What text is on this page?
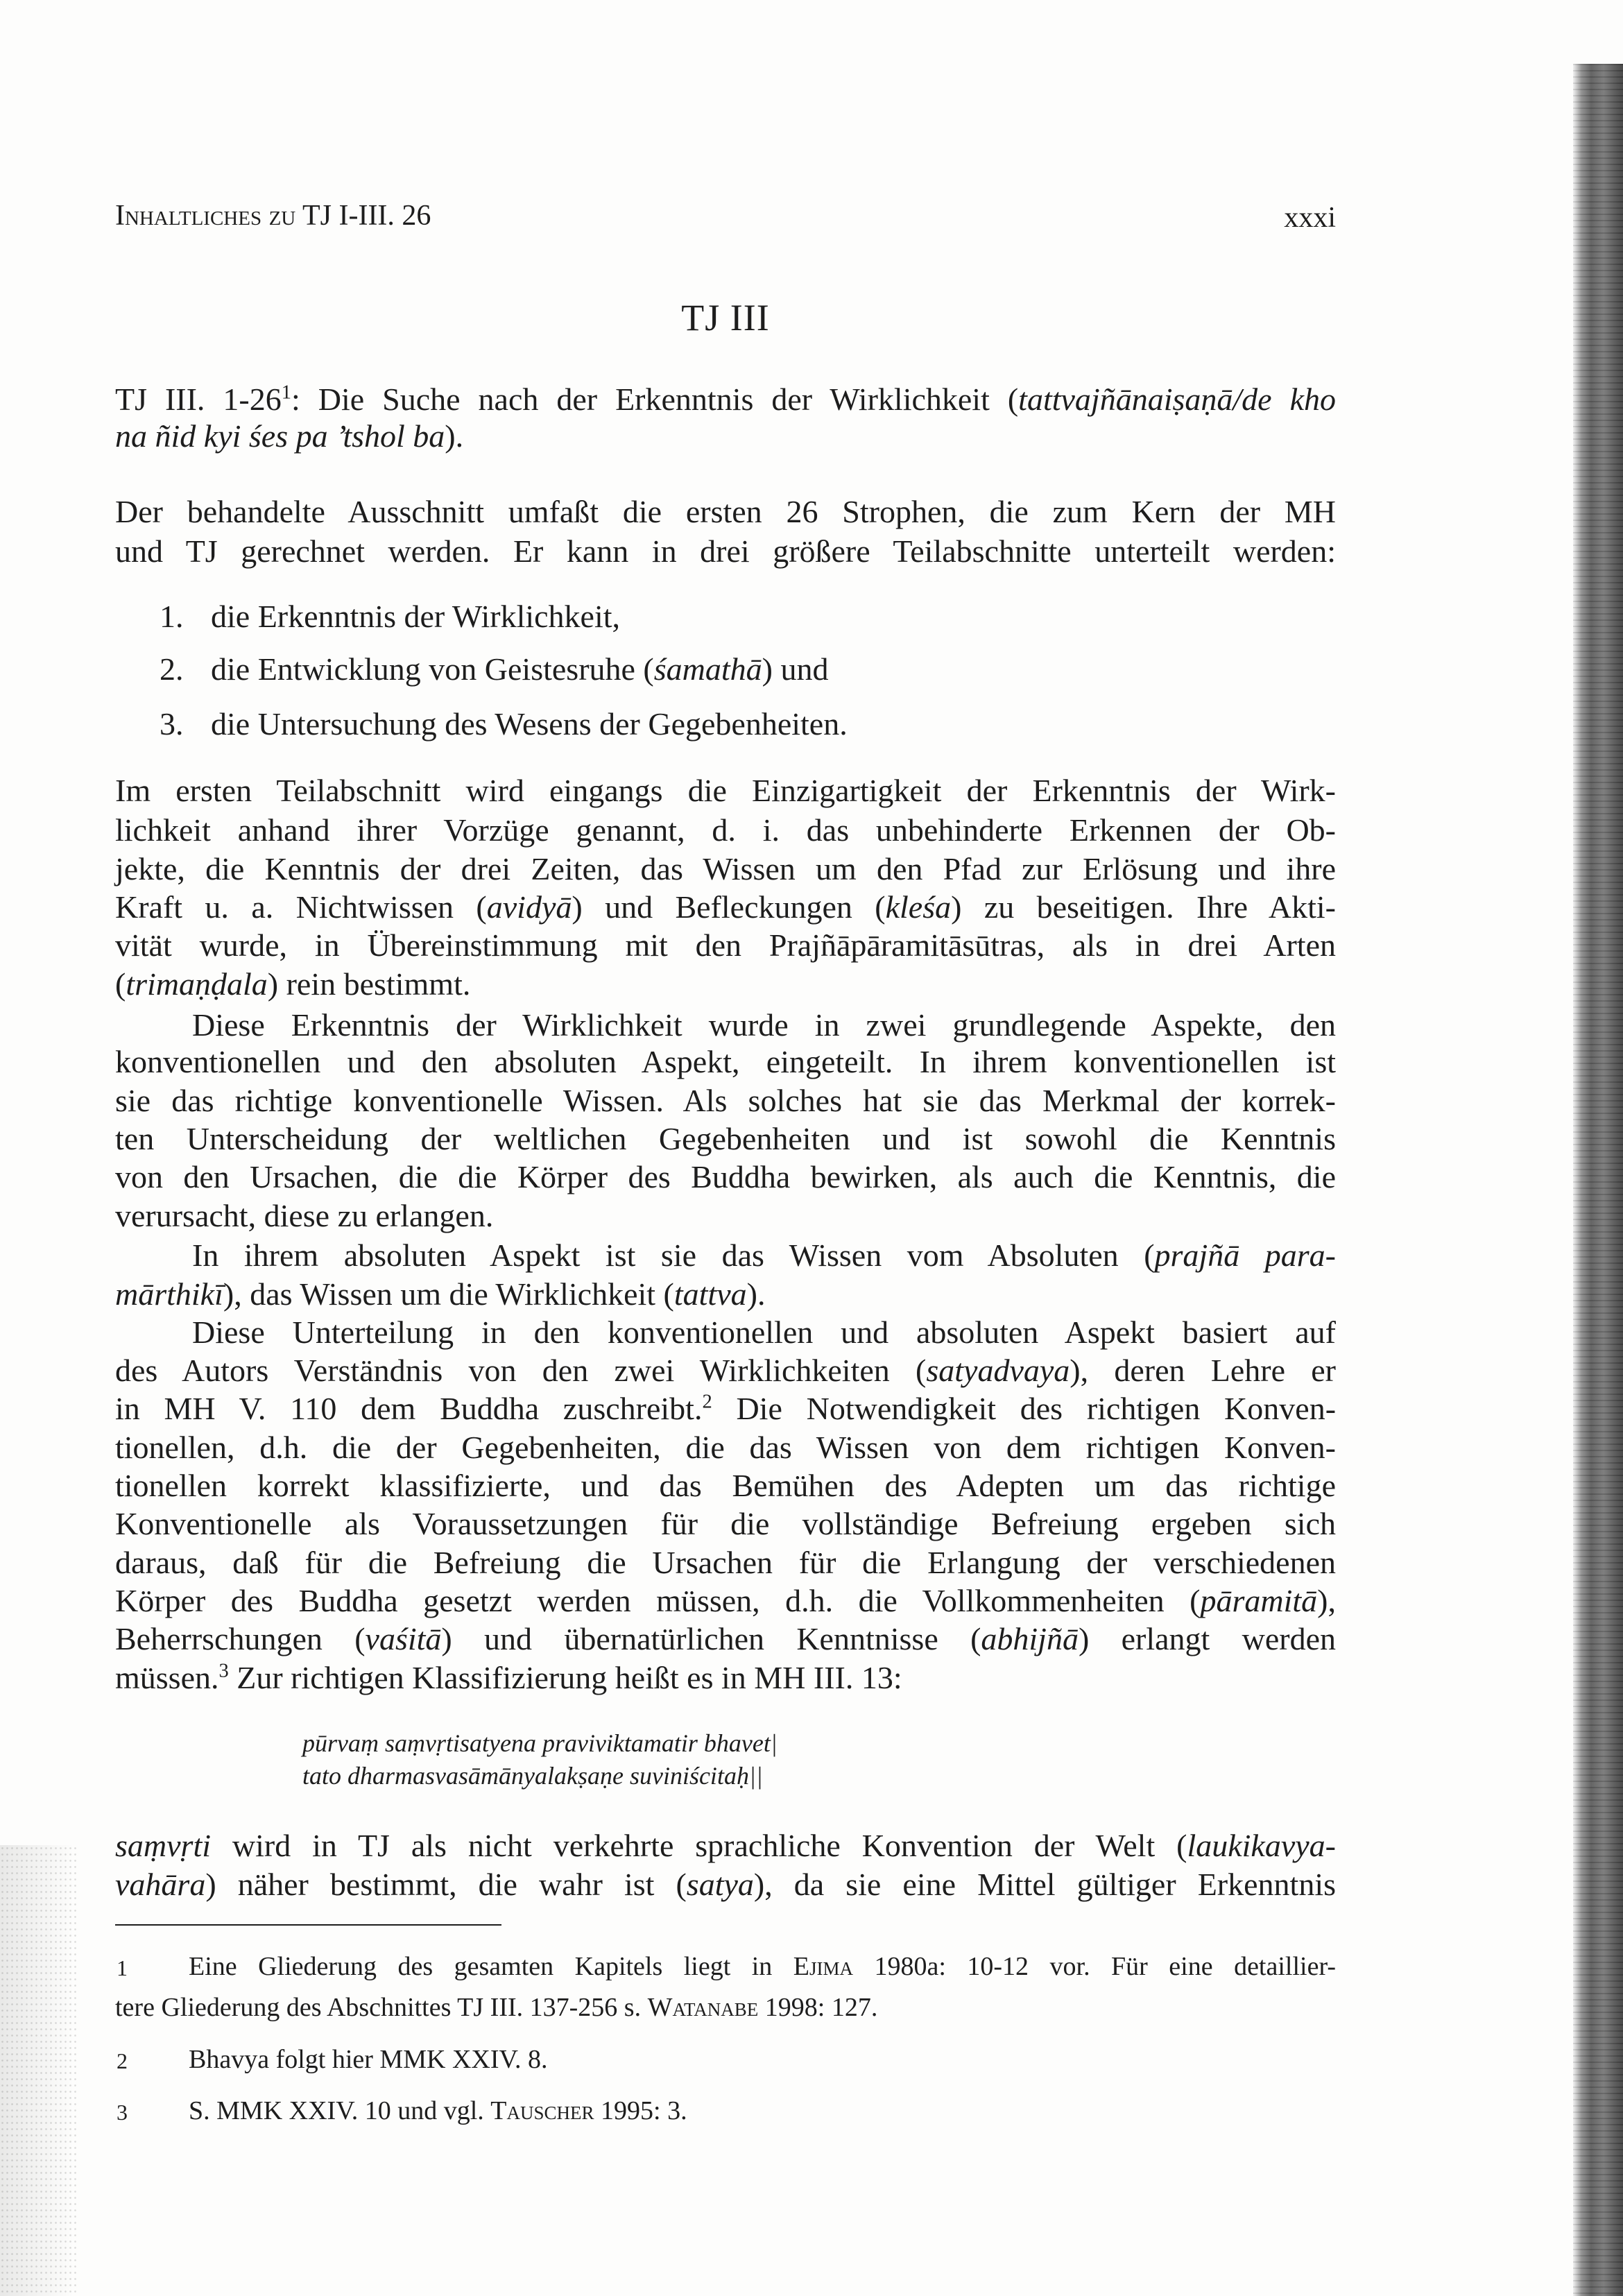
Inhaltliches zu TJ I-III. 26	xxxi
TJ III
TJ III. $1-26^1$: Die Suche nach der Erkenntnis der Wirklichkeit (tattvajñānaiṣaṇā/de kho
na ñid kyi śes pa ’tshol ba).
Der behandelte Ausschnitt umfaßt die ersten 26 Strophen, die zum Kern der MH
und TJ gerechnet werden. Er kann in drei größere Teilabschnitte unterteilt werden:
1. die Erkenntnis der Wirklichkeit,
2. die Entwicklung von Geistesruhe (śamathā) und
3. die Untersuchung des Wesens der Gegebenheiten.
Im ersten Teilabschnitt wird eingangs die Einzigartigkeit der Erkenntnis der Wirk-
lichkeit anhand ihrer Vorzüge genannt, d. i. das unbehinderte Erkennen der Ob-
jekte, die Kenntnis der drei Zeiten, das Wissen um den Pfad zur Erlösung und ihre
Kraft u. a. Nichtwissen (avidyā) und Befleckungen (kleśa) zu beseitigen. Ihre Akti-
vität wurde, in Übereinstimmung mit den Prajñāpāramitāsūtras, als in drei Arten
(trimaṇḍala) rein bestimmt.
Diese Erkenntnis der Wirklichkeit wurde in zwei grundlegende Aspekte, den
konventionellen und den absoluten Aspekt, eingeteilt. In ihrem konventionellen ist
sie das richtige konventionelle Wissen. Als solches hat sie das Merkmal der korrek-
ten Unterscheidung der weltlichen Gegebenheiten und ist sowohl die Kenntnis
von den Ursachen, die die Körper des Buddha bewirken, als auch die Kenntnis, die
verursacht, diese zu erlangen.
In ihrem absoluten Aspekt ist sie das Wissen vom Absoluten (prajñā para-
mārthikī), das Wissen um die Wirklichkeit (tattva).
Diese Unterteilung in den konventionellen und absoluten Aspekt basiert auf
des Autors Verständnis von den zwei Wirklichkeiten (satyadvaya), deren Lehre er
in MH V. 110 dem Buddha zuschreibt.$^2$ Die Notwendigkeit des richtigen Konven-
tionellen, d.h. die der Gegebenheiten, die das Wissen von dem richtigen Konven-
tionellen korrekt klassifizierte, und das Bemühen des Adepten um das richtige
Konventionelle als Voraussetzungen für die vollständige Befreiung ergeben sich
daraus, daß für die Befreiung die Ursachen für die Erlangung der verschiedenen
Körper des Buddha gesetzt werden müssen, d.h. die Vollkommenheiten (pāramitā),
Beherrschungen (vaśitā) und übernatürlichen Kenntnisse (abhijñā) erlangt werden
müssen.$^3$ Zur richtigen Klassifizierung heißt es in MH III. 13:
pūrvaṃ saṃvṛtisatyena praviviktamatir bhavet|
tato dharmasvasāmānyalakṣaṇe suviniścitaḥ||
saṃvṛti wird in TJ als nicht verkehrte sprachliche Konvention der Welt (laukikavya-
vahāra) näher bestimmt, die wahr ist (satya), da sie eine Mittel gültiger Erkenntnis
1 Eine Gliederung des gesamten Kapitels liegt in Ejima 1980a: 10-12 vor. Für eine detaillier-
tere Gliederung des Abschnittes TJ III. 137-256 s. Watanabe 1998: 127.
2 Bhavya folgt hier MMK XXIV. 8.
3 S. MMK XXIV. 10 und vgl. Tauscher 1995: 3.
